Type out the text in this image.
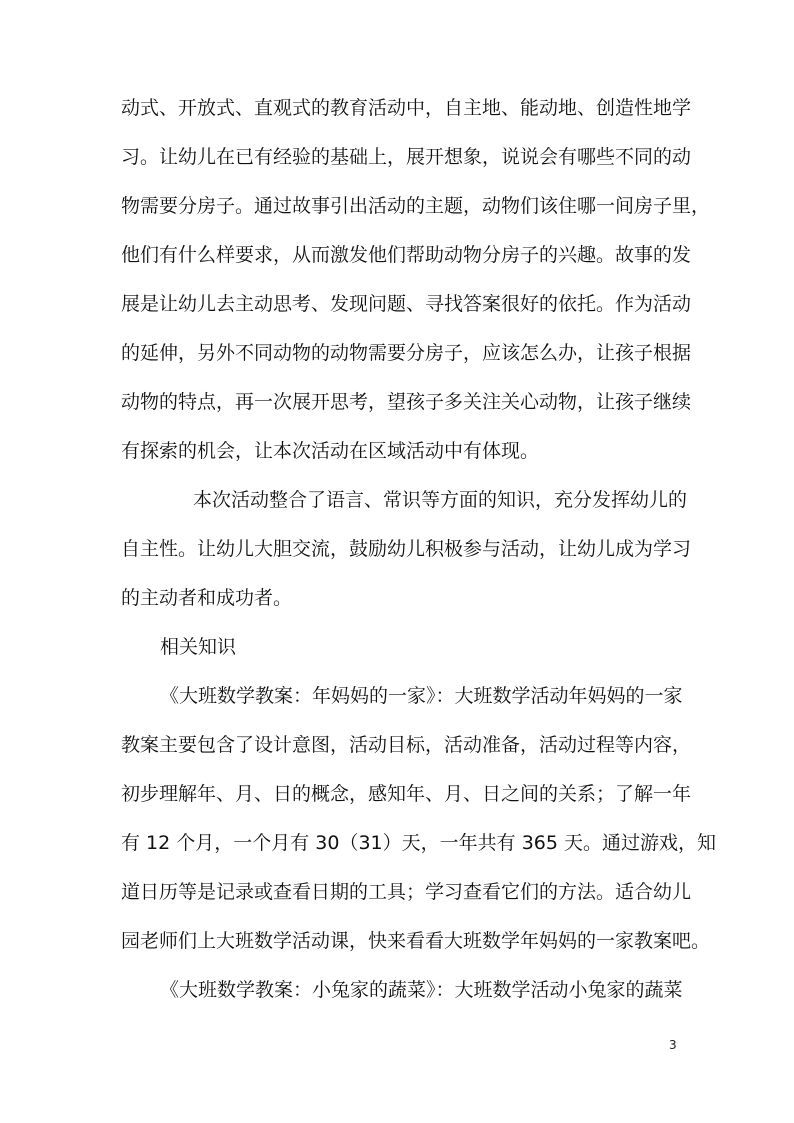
动式、开放式、直观式的教育活动中，自主地、能动地、创造性地学
习。让幼儿在已有经验的基础上，展开想象，说说会有哪些不同的动
物需要分房子。通过故事引出活动的主题，动物们该住哪一间房子里，
他们有什么样要求，从而激发他们帮助动物分房子的兴趣。故事的发
展是让幼儿去主动思考、发现问题、寻找答案很好的依托。作为活动
的延伸，另外不同动物的动物需要分房子，应该怎么办，让孩子根据
动物的特点，再一次展开思考，望孩子多关注关心动物，让孩子继续
有探索的机会，让本次活动在区域活动中有体现。
本次活动整合了语言、常识等方面的知识，充分发挥幼儿的
自主性。让幼儿大胆交流，鼓励幼儿积极参与活动，让幼儿成为学习
的主动者和成功者。
相关知识
《大班数学教案：年妈妈的一家》：大班数学活动年妈妈的一家
教案主要包含了设计意图，活动目标，活动准备，活动过程等内容，
初步理解年、月、日的概念，感知年、月、日之间的关系；了解一年
有 12 个月，一个月有 30（31）天，一年共有 365 天。通过游戏，知
道日历等是记录或查看日期的工具；学习查看它们的方法。适合幼儿
园老师们上大班数学活动课，快来看看大班数学年妈妈的一家教案吧。
《大班数学教案：小兔家的蔬菜》：大班数学活动小兔家的蔬菜
3
